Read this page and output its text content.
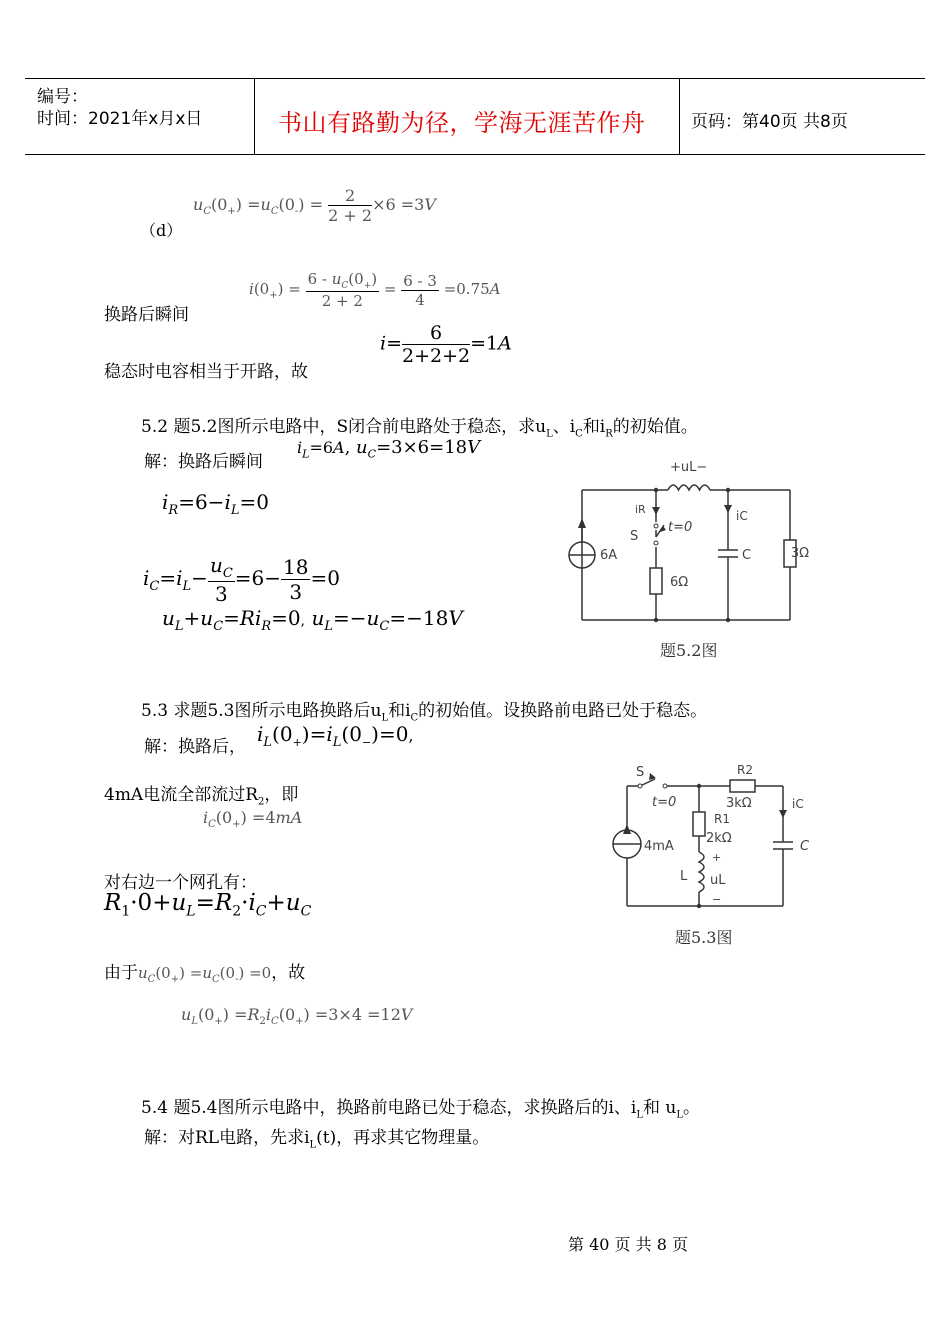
编号：
时间：2021年x月x日	书山有路勤为径，学海无涯苦作舟	页码：第40页 共8页
（d）
$u_C(0_+) =u_C(0_-) = \frac{2}{2 + 2} \times 6 =3V$
换路后瞬间
$i(0_+) = \frac{6 - u_C(0_+)}{2 + 2} = \frac{6 - 3}{4} =0.75A$
稳态时电容相当于开路，故
$i= \frac{6}{2+2+2} =1A$
5.2 题5.2图所示电路中，S闭合前电路处于稳态，求$u_L$、$i_C$和$i_R$的初始值。
解：换路后瞬间
$i_L=6A$, $u_C=3\times 6=18V$
$i_R=6-i_L=0$
$i_C=i_L- \frac{u_C}{3} =6- \frac{18}{3} =0$
$u_L+u_C=Ri_R=0$, $u_L=-u_C=-18V$
+uL−
iR
S
t=0
iC
6A	C	3Ω
6Ω
题5.2图
5.3 求题5.3图所示电路换路后$u_L$和$i_C$的初始值。设换路前电路已处于稳态。
解：换路后，
$i_L(0_+)=i_L(0_-)=0$,
4mA电流全部流过$R_2$，即
$i_C(0_+) =4mA$
对右边一个网孔有：
$R_1\cdot 0+u_L=R_2\cdot i_C+u_C$
由于$u_C(0_+) =u_C(0_-) =0$，故
$u_L(0_+) =R_2i_C(0_+) =3\times 4 =12V$
S
t=0
R2
3kΩ
R1
2kΩ
iC
4mA	C
L
+
uL
−
题5.3图
5.4 题5.4图所示电路中，换路前电路已处于稳态，求换路后的i、$i_L$和 $u_L$。
解：对RL电路，先求$i_L(t)$，再求其它物理量。
第 40 页 共 8 页
